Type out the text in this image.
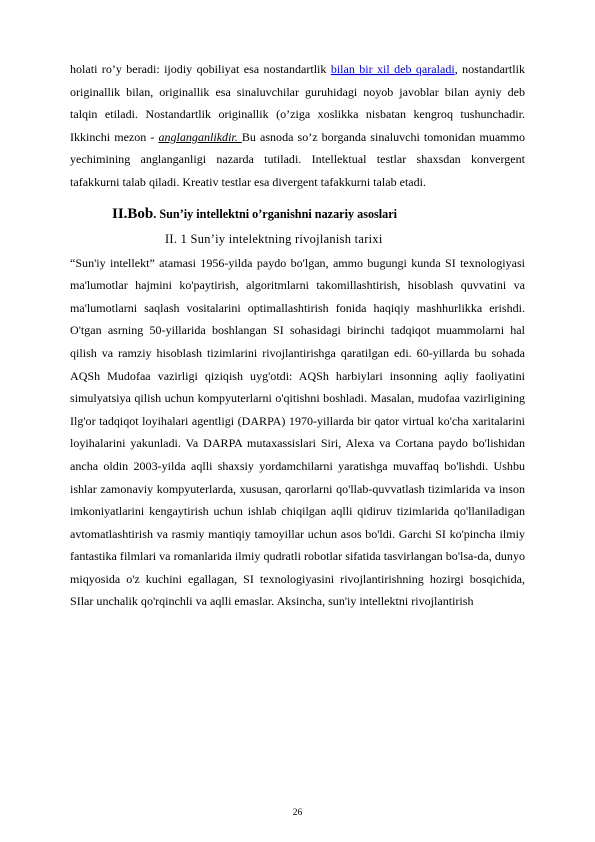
holati ro’y beradi: ijodiy qobiliyat esa nostandartlik bilan bir xil deb qaraladi, nostandartlik originallik bilan, originallik esa sinaluvchilar guruhidagi noyob javoblar bilan ayniy deb talqin etiladi. Nostandartlik originallik (o’ziga xoslikka nisbatan kengroq tushunchadir. Ikkinchi mezon - anglanganlikdir. Bu asnoda so’z borganda sinaluvchi tomonidan muammo yechimining anglanganligi nazarda tutiladi. Intellektual testlar shaxsdan konvergent tafakkurni talab qiladi. Kreativ testlar esa divergent tafakkurni talab etadi.

II.Bob. Sun’iy intellektni o’rganishni nazariy asoslari
II. 1 Sun’iy intelektning rivojlanish tarixi

“Sun'iy intellekt” atamasi 1956-yilda paydo bo'lgan, ammo bugungi kunda SI texnologiyasi ma'lumotlar hajmini ko'paytirish, algoritmlarni takomillashtirish, hisoblash quvvatini va ma'lumotlarni saqlash vositalarini optimallashtirish fonida haqiqiy mashhurlikka erishdi. O'tgan asrning 50-yillarida boshlangan SI sohasidagi birinchi tadqiqot muammolarni hal qilish va ramziy hisoblash tizimlarini rivojlantirishga qaratilgan edi. 60-yillarda bu sohada AQSh Mudofaa vazirligi qiziqish uyg'otdi: AQSh harbiylari insonning aqliy faoliyatini simulyatsiya qilish uchun kompyuterlarni o'qitishni boshladi. Masalan, mudofaa vazirligining Ilg'or tadqiqot loyihalari agentligi (DARPA) 1970-yillarda bir qator virtual ko'cha xaritalarini loyihalarini yakunladi. Va DARPA mutaxassislari Siri, Alexa va Cortana paydo bo'lishidan ancha oldin 2003-yilda aqlli shaxsiy yordamchilarni yaratishga muvaffaq bo'lishdi. Ushbu ishlar zamonaviy kompyuterlarda, xususan, qarorlarni qo'llab-quvvatlash tizimlarida va inson imkoniyatlarini kengaytirish uchun ishlab chiqilgan aqlli qidiruv tizimlarida qo'llaniladigan avtomatlashtirish va rasmiy mantiqiy tamoyillar uchun asos bo'ldi. Garchi SI ko'pincha ilmiy fantastika filmlari va romanlarida ilmiy qudratli robotlar sifatida tasvirlangan bo'lsa-da, dunyo miqyosida o'z kuchini egallagan, SI texnologiyasini rivojlantirishning hozirgi bosqichida, SIlar unchalik qo'rqinchli va aqlli emaslar. Aksincha, sun'iy intellektni rivojlantirish

26
